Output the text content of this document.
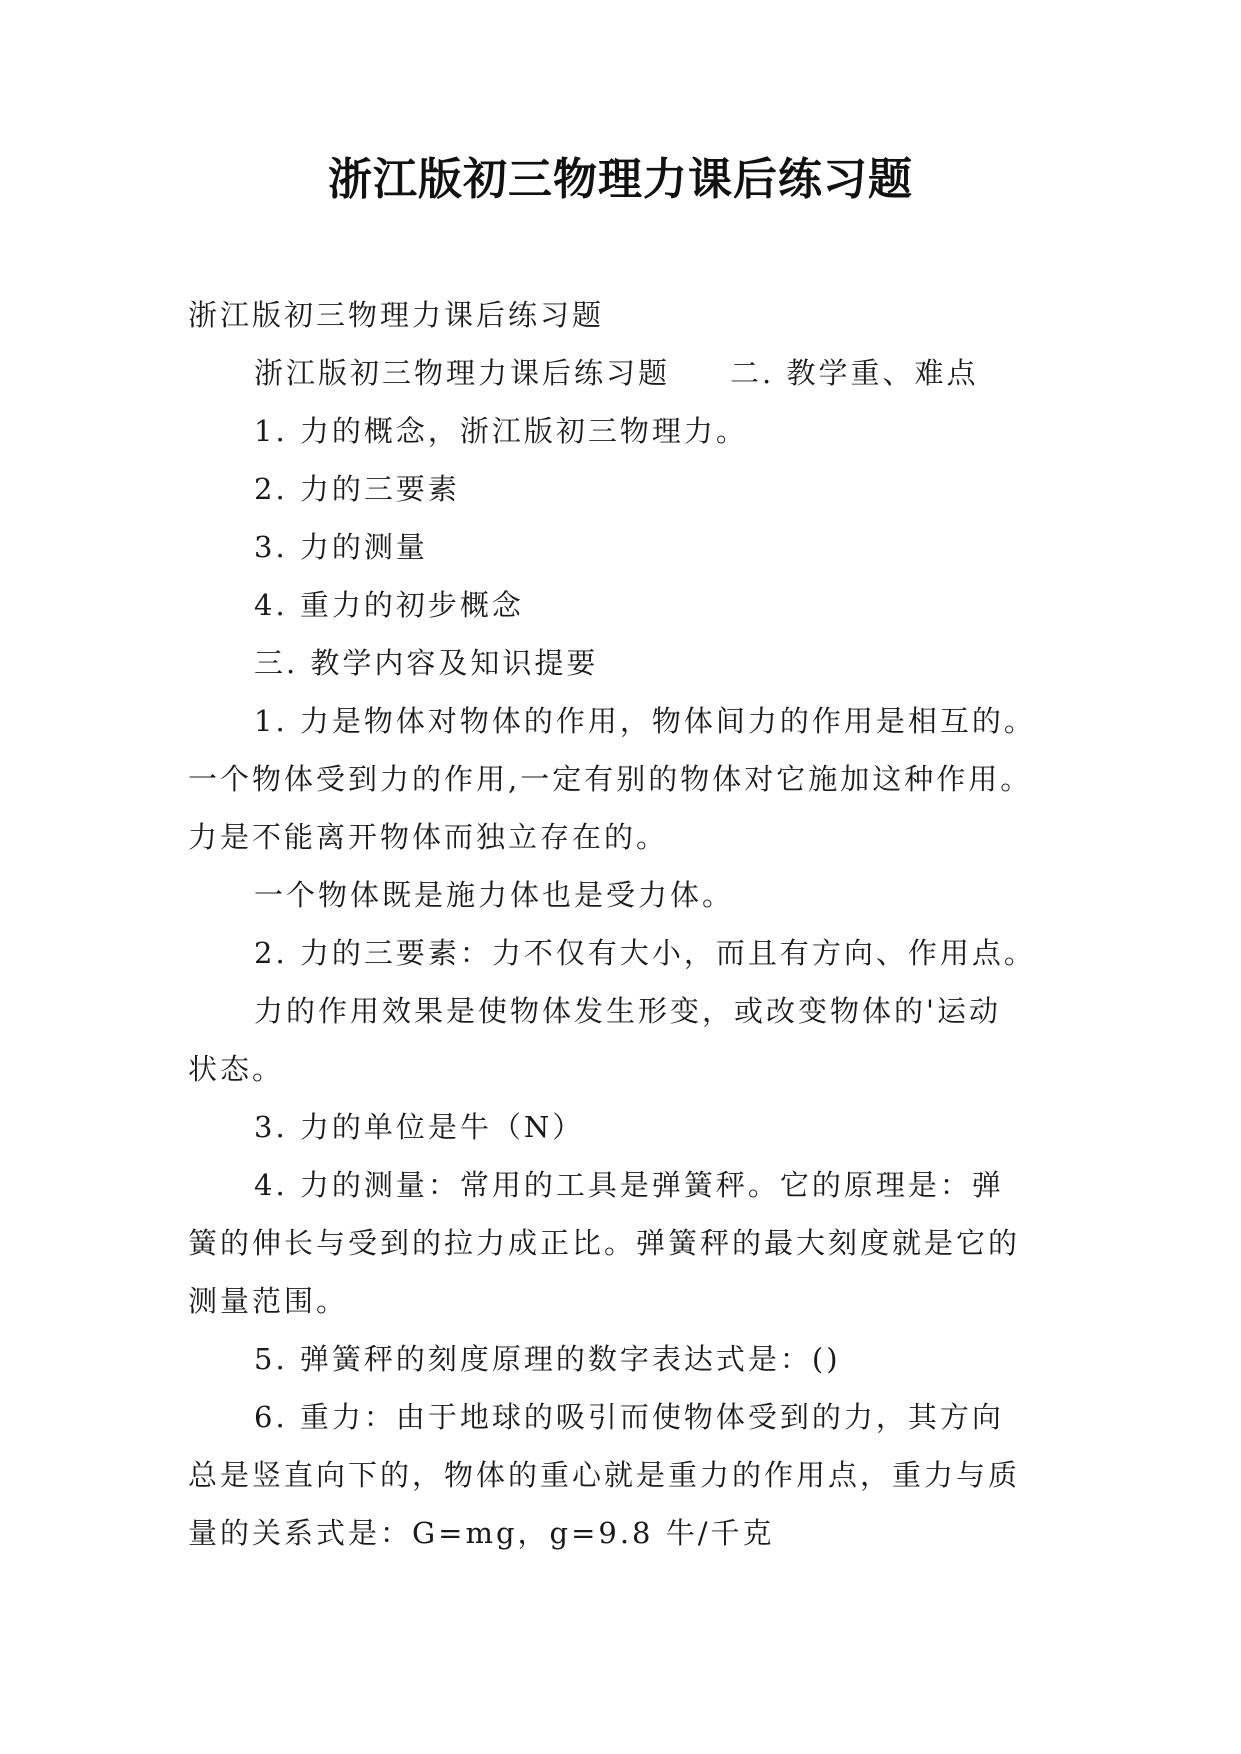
浙江版初三物理力课后练习题
浙江版初三物理力课后练习题
浙江版初三物理力课后练习题 二. 教学重、难点
1. 力的概念，浙江版初三物理力。
2. 力的三要素
3. 力的测量
4. 重力的初步概念
三. 教学内容及知识提要
1. 力是物体对物体的作用，物体间力的作用是相互的。
一个物体受到力的作用,一定有别的物体对它施加这种作用。
力是不能离开物体而独立存在的。
一个物体既是施力体也是受力体。
2. 力的三要素：力不仅有大小，而且有方向、作用点。
力的作用效果是使物体发生形变，或改变物体的'运动
状态。
3. 力的单位是牛（N）
4. 力的测量：常用的工具是弹簧秤。它的原理是：弹
簧的伸长与受到的拉力成正比。弹簧秤的最大刻度就是它的
测量范围。
5. 弹簧秤的刻度原理的数字表达式是：()
6. 重力：由于地球的吸引而使物体受到的力，其方向
总是竖直向下的，物体的重心就是重力的作用点，重力与质
量的关系式是：G=mg，g=9.8 牛/千克
